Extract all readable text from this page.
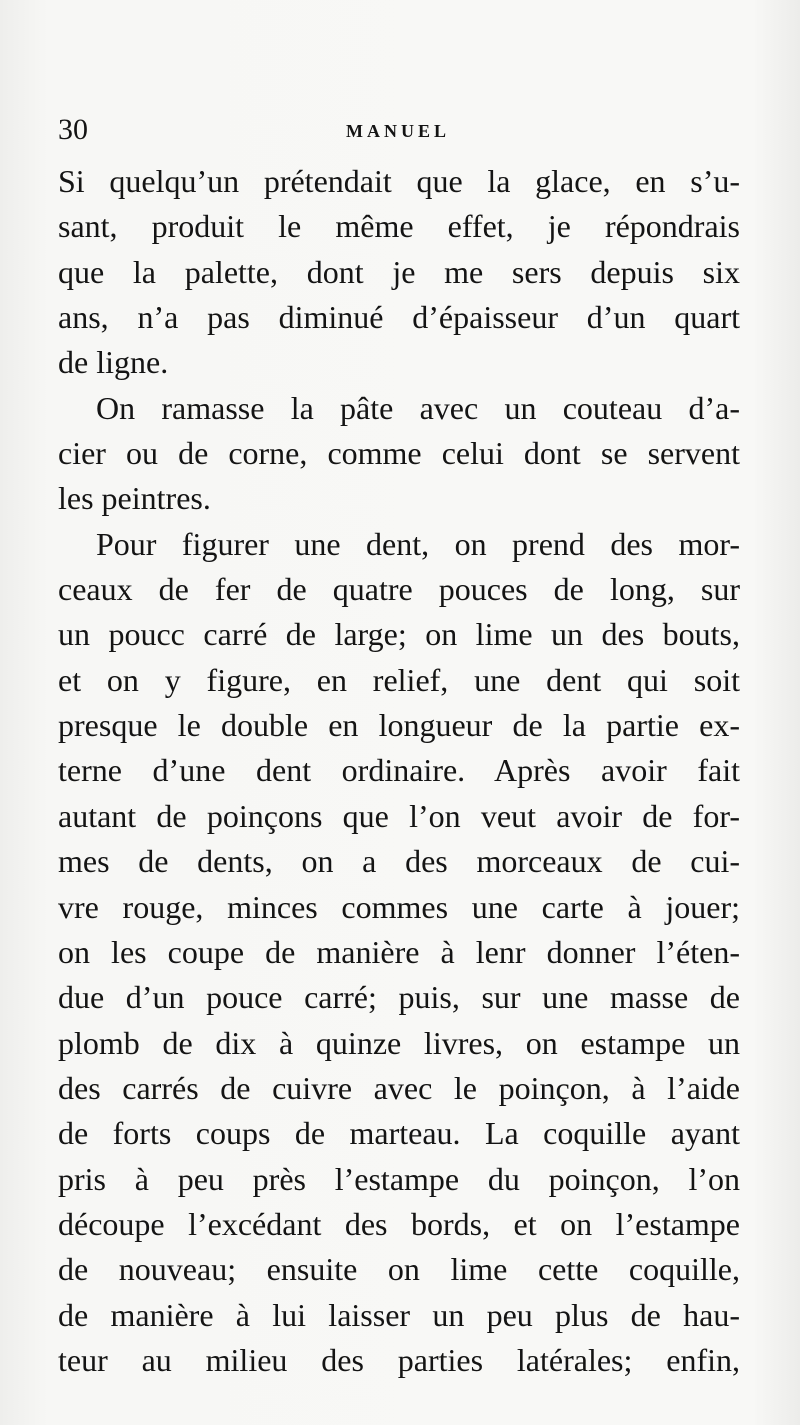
30	MANUEL
Si quelqu’un prétendait que la glace, en s’u-
sant, produit le même effet, je répondrais
que la palette, dont je me sers depuis six
ans, n’a pas diminué d’épaisseur d’un quart
de ligne.
On ramasse la pâte avec un couteau d’a-
cier ou de corne, comme celui dont se servent
les peintres.
Pour figurer une dent, on prend des mor-
ceaux de fer de quatre pouces de long, sur
un poucc carré de large; on lime un des bouts,
et on y figure, en relief, une dent qui soit
presque le double en longueur de la partie ex-
terne d’une dent ordinaire. Après avoir fait
autant de poinçons que l’on veut avoir de for-
mes de dents, on a des morceaux de cui-
vre rouge, minces commes une carte à jouer;
on les coupe de manière à lenr donner l’éten-
due d’un pouce carré; puis, sur une masse de
plomb de dix à quinze livres, on estampe un
des carrés de cuivre avec le poinçon, à l’aide
de forts coups de marteau. La coquille ayant
pris à peu près l’estampe du poinçon, l’on
découpe l’excédant des bords, et on l’estampe
de nouveau; ensuite on lime cette coquille,
de manière à lui laisser un peu plus de hau-
teur au milieu des parties latérales; enfin,
